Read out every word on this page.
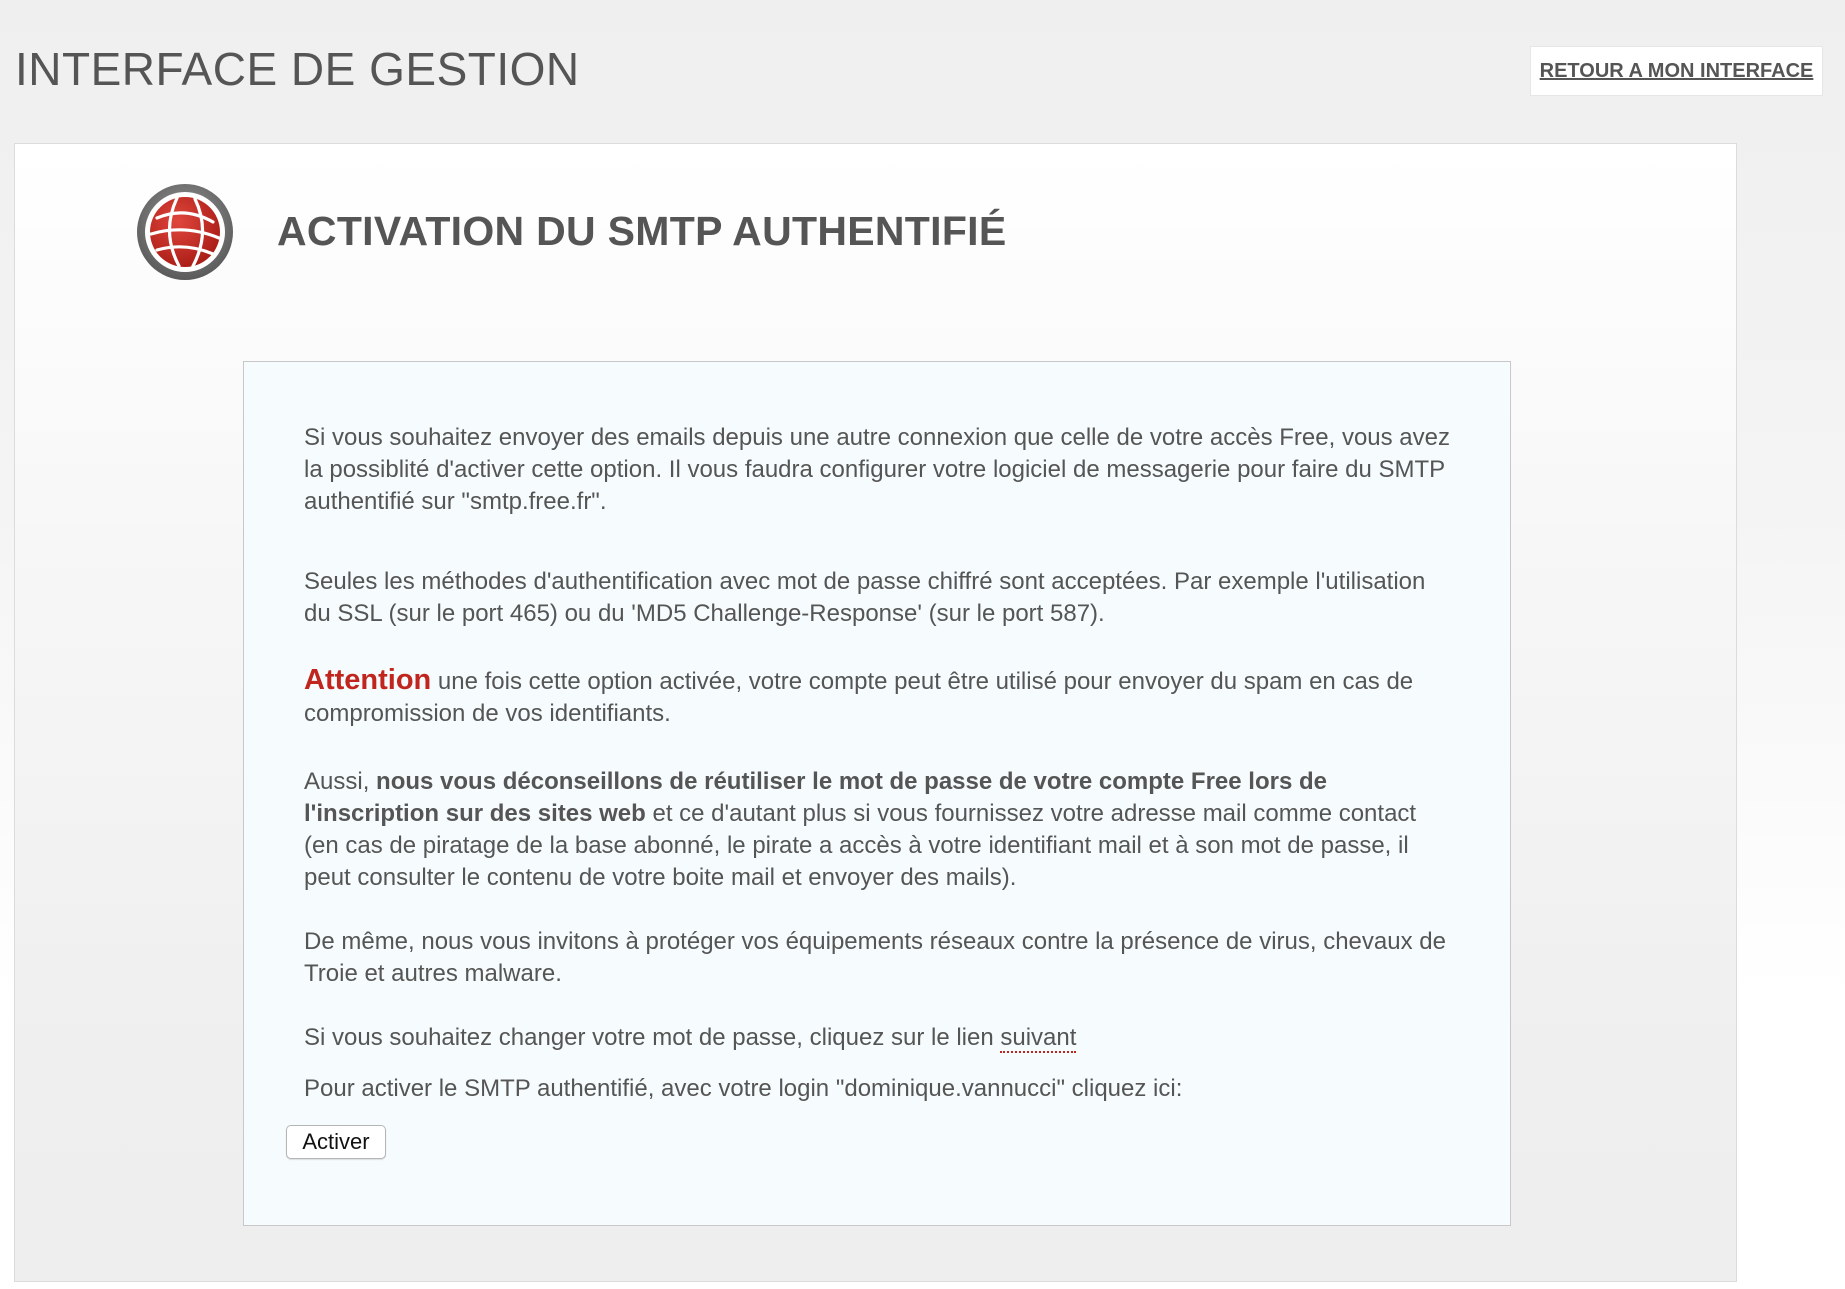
INTERFACE DE GESTION	RETOUR A MON INTERFACE
ACTIVATION DU SMTP AUTHENTIFIÉ

Si vous souhaitez envoyer des emails depuis une autre connexion que celle de votre accès Free, vous avez la possiblité d'activer cette option. Il vous faudra configurer votre logiciel de messagerie pour faire du SMTP authentifié sur "smtp.free.fr".

Seules les méthodes d'authentification avec mot de passe chiffré sont acceptées. Par exemple l'utilisation du SSL (sur le port 465) ou du 'MD5 Challenge-Response' (sur le port 587).

Attention une fois cette option activée, votre compte peut être utilisé pour envoyer du spam en cas de compromission de vos identifiants.

Aussi, nous vous déconseillons de réutiliser le mot de passe de votre compte Free lors de l'inscription sur des sites web et ce d'autant plus si vous fournissez votre adresse mail comme contact (en cas de piratage de la base abonné, le pirate a accès à votre identifiant mail et à son mot de passe, il peut consulter le contenu de votre boite mail et envoyer des mails).

De même, nous vous invitons à protéger vos équipements réseaux contre la présence de virus, chevaux de Troie et autres malware.

Si vous souhaitez changer votre mot de passe, cliquez sur le lien suivant

Pour activer le SMTP authentifié, avec votre login "dominique.vannucci" cliquez ici:

Activer
